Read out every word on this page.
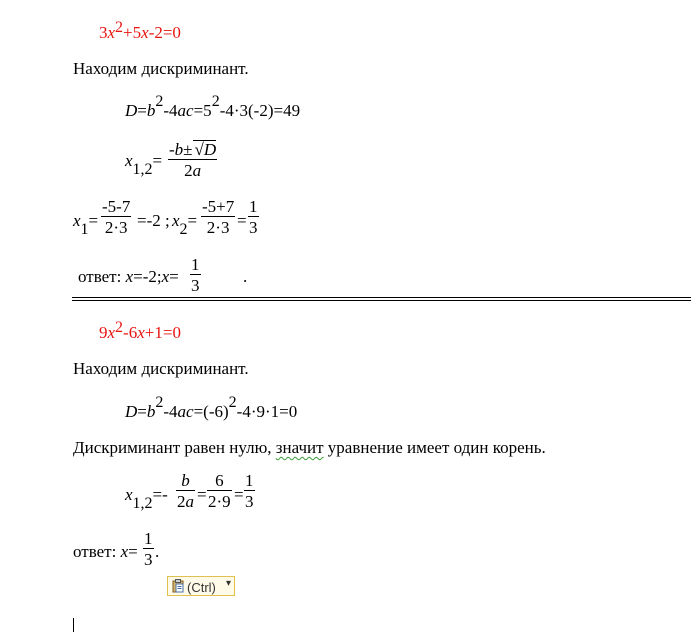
$3x^2+5x-2=0$
Находим дискриминант.
$D=b^2-4ac=5^2-4\cdot 3(-2)=49$
x1,2=
-b± √D
2a
x1=
-5-7
2·3 =-2 ; x2=
-5+7
2·3 =
1
3
ответ: x=-2;x=
1
3	.
$9x^2-6x+1=0$
Находим дискриминант.
$D=b^2-4ac=(-6)^2-4\cdot 9\cdot 1=0$
Дискриминант равен нулю, значит уравнение имеет один корень.
x1,2=-
b
2a =
6
2·9 =
1
3
ответ: x=
1
3 .
(Ctrl) ▾
